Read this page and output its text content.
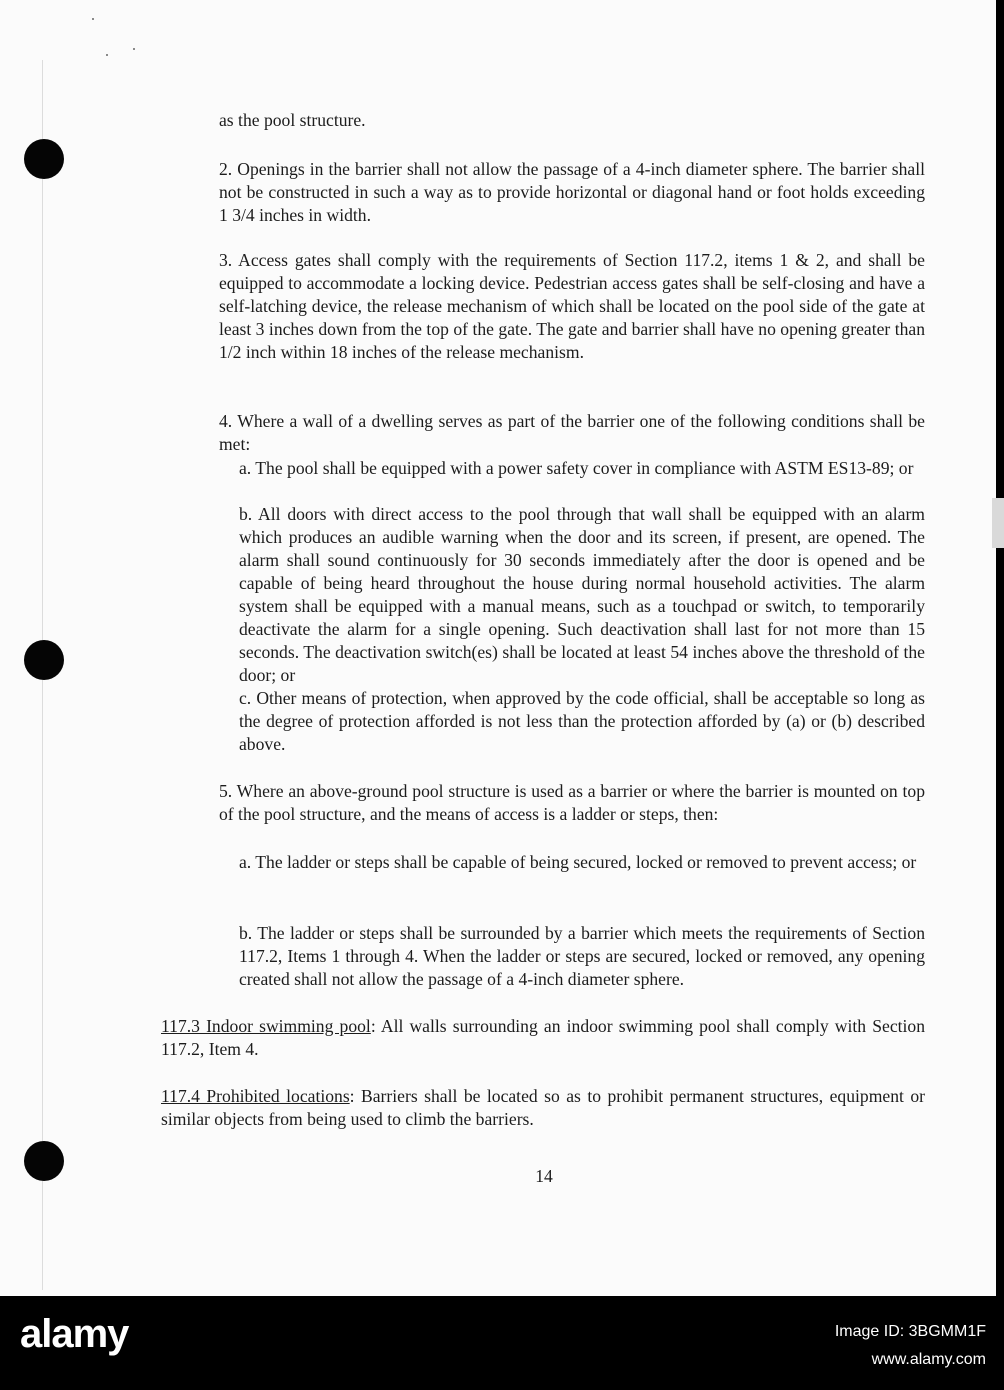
as the pool structure.

2. Openings in the barrier shall not allow the passage of a 4-inch diameter sphere. The barrier shall not be constructed in such a way as to provide horizontal or diagonal hand or foot holds exceeding 1 3/4 inches in width.

3. Access gates shall comply with the requirements of Section 117.2, items 1 & 2, and shall be equipped to accommodate a locking device. Pedestrian access gates shall be self-closing and have a self-latching device, the release mechanism of which shall be located on the pool side of the gate at least 3 inches down from the top of the gate. The gate and barrier shall have no opening greater than 1/2 inch within 18 inches of the release mechanism.

4. Where a wall of a dwelling serves as part of the barrier one of the following conditions shall be met:

a. The pool shall be equipped with a power safety cover in compliance with ASTM ES13-89; or

b. All doors with direct access to the pool through that wall shall be equipped with an alarm which produces an audible warning when the door and its screen, if present, are opened. The alarm shall sound continuously for 30 seconds immediately after the door is opened and be capable of being heard throughout the house during normal household activities. The alarm system shall be equipped with a manual means, such as a touchpad or switch, to temporarily deactivate the alarm for a single opening. Such deactivation shall last for not more than 15 seconds. The deactivation switch(es) shall be located at least 54 inches above the threshold of the door; or

c. Other means of protection, when approved by the code official, shall be acceptable so long as the degree of protection afforded is not less than the protection afforded by (a) or (b) described above.

5. Where an above-ground pool structure is used as a barrier or where the barrier is mounted on top of the pool structure, and the means of access is a ladder or steps, then:

a. The ladder or steps shall be capable of being secured, locked or removed to prevent access; or

b. The ladder or steps shall be surrounded by a barrier which meets the requirements of Section 117.2, Items 1 through 4. When the ladder or steps are secured, locked or removed, any opening created shall not allow the passage of a 4-inch diameter sphere.

117.3 Indoor swimming pool: All walls surrounding an indoor swimming pool shall comply with Section 117.2, Item 4.

117.4 Prohibited locations: Barriers shall be located so as to prohibit permanent structures, equipment or similar objects from being used to climb the barriers.

14
alamy	Image ID: 3BGMM1F
www.alamy.com
